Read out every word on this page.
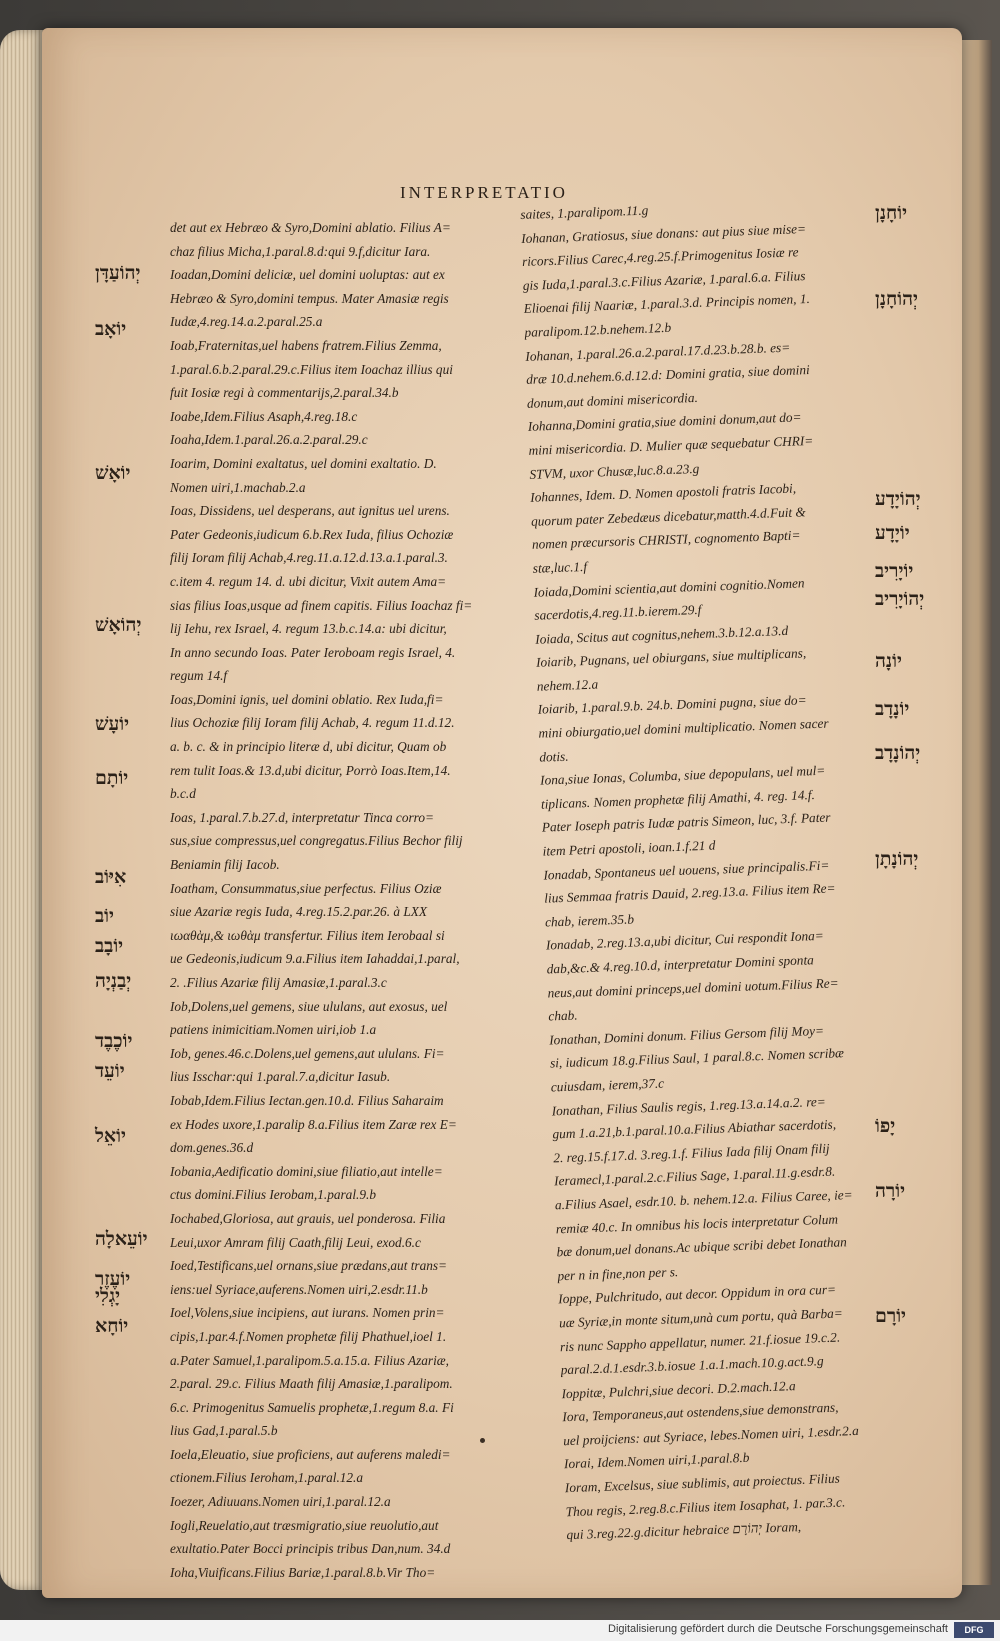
INTERPRETATIO
det aut ex Hebræo & Syro,Domini ablatio. Filius A=
chaz filius Micha,1.paral.8.d:qui 9.f,dicitur Iara.
Ioadan,Domini deliciæ, uel domini uoluptas: aut ex
Hebræo & Syro,domini tempus. Mater Amasiæ regis
Iudæ,4.reg.14.a.2.paral.25.a
Ioab,Fraternitas,uel habens fratrem.Filius Zemma,
1.paral.6.b.2.paral.29.c.Filius item Ioachaz illius qui
fuit Iosiæ regi à commentarijs,2.paral.34.b
Ioabe,Idem.Filius Asaph,4.reg.18.c
Ioaha,Idem.1.paral.26.a.2.paral.29.c
Ioarim, Domini exaltatus, uel domini exaltatio. D.
Nomen uiri,1.machab.2.a
Ioas, Dissidens, uel desperans, aut ignitus uel urens.
Pater Gedeonis,iudicum 6.b.Rex Iuda, filius Ochoziæ
filij Ioram filij Achab,4.reg.11.a.12.d.13.a.1.paral.3.
c.item 4. regum 14. d. ubi dicitur, Vixit autem Ama=
sias filius Ioas,usque ad finem capitis. Filius Ioachaz fi=
lij Iehu, rex Israel, 4. regum 13.b.c.14.a: ubi dicitur,
In anno secundo Ioas. Pater Ieroboam regis Israel, 4.
regum 14.f
Ioas,Domini ignis, uel domini oblatio. Rex Iuda,fi=
lius Ochoziæ filij Ioram filij Achab, 4. regum 11.d.12.
a. b. c. & in principio literæ d, ubi dicitur, Quam ob
rem tulit Ioas.& 13.d,ubi dicitur, Porrò Ioas.Item,14.
b.c.d
Ioas, 1.paral.7.b.27.d, interpretatur Tinca corro=
sus,siue compressus,uel congregatus.Filius Bechor filij
Beniamin filij Iacob.
Ioatham, Consummatus,siue perfectus. Filius Oziæ
siue Azariæ regis Iuda, 4.reg.15.2.par.26. à LXX
ιωαθὰμ,& ιωθὰμ transfertur. Filius item Ierobaal si
ue Gedeonis,iudicum 9.a.Filius item Iahaddai,1.paral,
2. .Filius Azariæ filij Amasiæ,1.paral.3.c
Iob,Dolens,uel gemens, siue ululans, aut exosus, uel
patiens inimicitiam.Nomen uiri,iob 1.a
Iob, genes.46.c.Dolens,uel gemens,aut ululans. Fi=
lius Isschar:qui 1.paral.7.a,dicitur Iasub.
Iobab,Idem.Filius Iectan.gen.10.d. Filius Saharaim
ex Hodes uxore,1.paralip 8.a.Filius item Zaræ rex E=
dom.genes.36.d
Iobania,Aedificatio domini,siue filiatio,aut intelle=
ctus domini.Filius Ierobam,1.paral.9.b
Iochabed,Gloriosa, aut grauis, uel ponderosa. Filia
Leui,uxor Amram filij Caath,filij Leui, exod.6.c
Ioed,Testificans,uel ornans,siue prædans,aut trans=
iens:uel Syriace,auferens.Nomen uiri,2.esdr.11.b
Ioel,Volens,siue incipiens, aut iurans. Nomen prin=
cipis,1.par.4.f.Nomen prophetæ filij Phathuel,ioel 1.
a.Pater Samuel,1.paralipom.5.a.15.a. Filius Azariæ,
2.paral. 29.c. Filius Maath filij Amasiæ,1.paralipom.
6.c. Primogenitus Samuelis prophetæ,1.regum 8.a. Fi
lius Gad,1.paral.5.b
Ioela,Eleuatio, siue proficiens, aut auferens maledi=
ctionem.Filius Ieroham,1.paral.12.a
Ioezer, Adiuuans.Nomen uiri,1.paral.12.a
Iogli,Reuelatio,aut træsmigratio,siue reuolutio,aut
exultatio.Pater Bocci principis tribus Dan,num. 34.d
Ioha,Viuificans.Filius Bariæ,1.paral.8.b.Vir Tho=
saites, 1.paralipom.11.g
Iohanan, Gratiosus, siue donans: aut pius siue mise=
ricors.Filius Carec,4.reg.25.f.Primogenitus Iosiæ re
gis Iuda,1.paral.3.c.Filius Azariæ, 1.paral.6.a. Filius
Elioenai filij Naariæ, 1.paral.3.d. Principis nomen, 1.
paralipom.12.b.nehem.12.b
Iohanan, 1.paral.26.a.2.paral.17.d.23.b.28.b. es=
dræ 10.d.nehem.6.d.12.d: Domini gratia, siue domini
donum,aut domini misericordia.
Iohanna,Domini gratia,siue domini donum,aut do=
mini misericordia. D. Mulier quæ sequebatur CHRI=
STVM, uxor Chusæ,luc.8.a.23.g
Iohannes, Idem. D. Nomen apostoli fratris Iacobi,
quorum pater Zebedæus dicebatur,matth.4.d.Fuit &
nomen præcursoris CHRISTI, cognomento Bapti=
stæ,luc.1.f
Ioiada,Domini scientia,aut domini cognitio.Nomen
sacerdotis,4.reg.11.b.ierem.29.f
Ioiada, Scitus aut cognitus,nehem.3.b.12.a.13.d
Ioiarib, Pugnans, uel obiurgans, siue multiplicans,
nehem.12.a
Ioiarib, 1.paral.9.b. 24.b. Domini pugna, siue do=
mini obiurgatio,uel domini multiplicatio. Nomen sacer
dotis.
Iona,siue Ionas, Columba, siue depopulans, uel mul=
tiplicans. Nomen prophetæ filij Amathi, 4. reg. 14.f.
Pater Ioseph patris Iudæ patris Simeon, luc, 3.f. Pater
item Petri apostoli, ioan.1.f.21 d
Ionadab, Spontaneus uel uouens, siue principalis.Fi=
lius Semmaa fratris Dauid, 2.reg.13.a. Filius item Re=
chab, ierem.35.b
Ionadab, 2.reg.13.a,ubi dicitur, Cui respondit Iona=
dab,&c.& 4.reg.10.d, interpretatur Domini sponta
neus,aut domini princeps,uel domini uotum.Filius Re=
chab.
Ionathan, Domini donum. Filius Gersom filij Moy=
si, iudicum 18.g.Filius Saul, 1 paral.8.c. Nomen scribæ
cuiusdam, ierem,37.c
Ionathan, Filius Saulis regis, 1.reg.13.a.14.a.2. re=
gum 1.a.21,b.1.paral.10.a.Filius Abiathar sacerdotis,
2. reg.15.f.17.d. 3.reg.1.f. Filius Iada filij Onam filij
Ieramecl,1.paral.2.c.Filius Sage, 1.paral.11.g.esdr.8.
a.Filius Asael, esdr.10. b. nehem.12.a. Filius Caree, ie=
remiæ 40.c. In omnibus his locis interpretatur Colum
bæ donum,uel donans.Ac ubique scribi debet Ionathan
per n in fine,non per s.
Ioppe, Pulchritudo, aut decor. Oppidum in ora cur=
uæ Syriæ,in monte situm,unà cum portu, quà Barba=
ris nunc Sappho appellatur, numer. 21.f.iosue 19.c.2.
paral.2.d.1.esdr.3.b.iosue 1.a.1.mach.10.g.act.9.g
Ioppitæ, Pulchri,siue decori. D.2.mach.12.a
Iora, Temporaneus,aut ostendens,siue demonstrans,
uel proijciens: aut Syriace, lebes.Nomen uiri, 1.esdr.2.a
Iorai, Idem.Nomen uiri,1.paral.8.b
Ioram, Excelsus, siue sublimis, aut proiectus. Filius
Thou regis, 2.reg.8.c.Filius item Iosaphat, 1. par.3.c.
qui 3.reg.22.g.dicitur hebraice יְהוֹרָם Ioram,
יְהוֹעַדָּן
יוֹאָב
יוֹאָשׁ
יְהוֹאָשׁ
יוֹעָשׁ
יוֹתָם
אִיּוֹב
יוֹב
יוֹבָב
יְבַנְיָה
יוֹכֶבֶד
יוֹעֵד
יוֹאֵל
יוֹעֵאלָה
יוֹעֶזֶר
יָגְלִי
יוֹחָא
יוֹחָנָן
יְהוֹחָנָן
יְהוֹיָדָע
יוֹיָדָע
יוֹיָרִיב
יְהוֹיָרִיב
יוֹנָה
יוֹנָדָב
יְהוֹנָדָב
יְהוֹנָתָן
יָפוֹ
יוֹרָה
יוֹרָם
Digitalisierung gefördert durch die Deutsche Forschungsgemeinschaft	DFG
